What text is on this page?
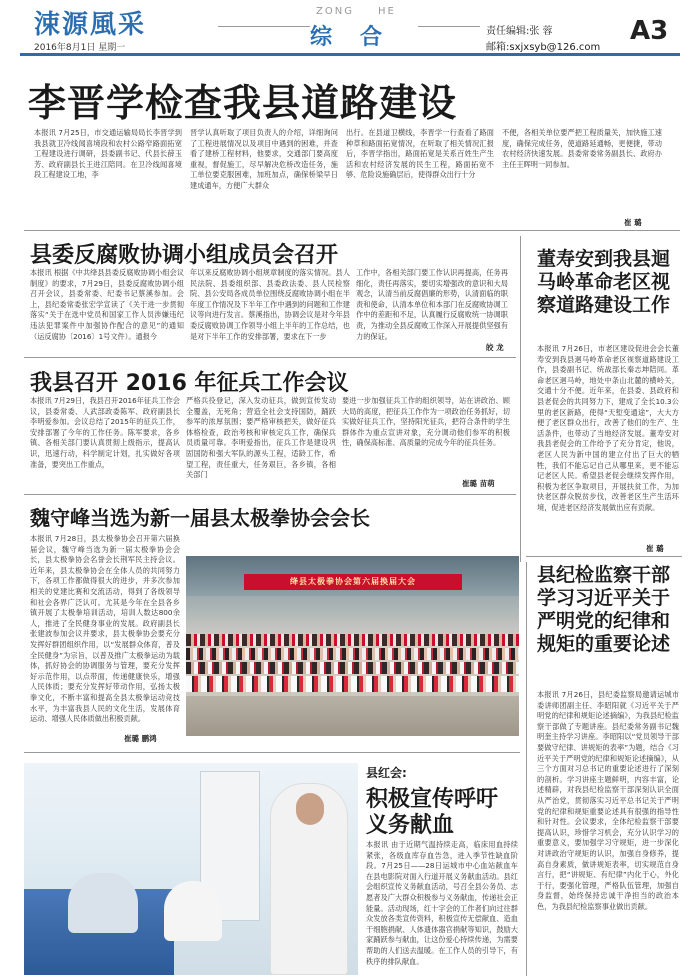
涑源風采
2016年8月1日 星期一
ZONG HE
综合	责任编辑:张 蓉
邮箱:sxjxsyb@126.com
A3
李晋学检查我县道路建设
本报讯 7月25日，市交通运输局局长李晋学到我县就卫冷线闻喜境段和农村公路窄路面拓宽工程建设进行调研，县委副书记、代县长薛玉芳、政府副县长王进江陪同。在卫冷线闻喜境段工程建设工地，李
晋学认真听取了项目负责人的介绍，详细询问了工程进展情况以及项目中遇到的困难，并查看了建桥工程材料，他要求，交通部门要高度重视，督促施工，尽早解决危桥改造任务，施工单位要克服困难，加班加点，确保桥梁早日建成通车，方便广大群众
出行。在县道卫横线，李晋学一行查看了路面种草和路面拓宽情况，在听取了相关情况汇报后，李晋学指出，路面拓宽是关系百姓生产生活和农村经济发展的民生工程，路面拓宽不够、危险设施确层后，使得群众出行十分
不便，各相关单位要严把工程质量关，加快施工速度，确保完成任务，使道路延通畅，更便捷，带动农村经济快速发展。县委常委常务副县长、政府办主任王晖明一同参加。
崔 璐
县委反腐败协调小组成员会召开
本报讯 根据《中共绛县县委反腐败协调小组会议制度》的要求，7月29日，县委反腐败协调小组召开会议，县委常委、纪委书记蔡溪参加。会上，县纪委常委张宏学宣读了《关于进一步贯彻落实“关于在选中党员和国家工作人员涉嫌违纪违法犯罪案件中加强协作配合的意见”的通知（运反腐协〔2016〕1号文件）。通报今
年以来反腐败协调小组规章制度的落实情况。县人民法院、县委组织部、县委政法委、县人民检察院、县公安局各成员单位围绕反腐败协调小组在半年度工作情况及下半年工作中遇到的问题和工作建议等向进行发言。蔡溪指出，协调会议是对今年县委反腐败协调工作领导小组上半年的工作总结，也是对下半年工作的安排部署，要求在下一步
工作中，各相关部门要工作认识再提高，任务再细化，责任再落实，要切实增强改的意识和大局观念，认清当前反腐倡廉的形势，认清面临的职责和使命，认清本单位和本部门在反腐败协调工作中的差距和不足，认真履行反腐败统一协调职责，为推动全县反腐败工作深入开展提供坚强有力的保证。
皎 龙
我县召开 2016 年征兵工作会议
本报讯 7月29日，我县召开2016年征兵工作会议，县委常委、人武部政委陈军、政府副县长李明爱参加。会议总结了2015年的征兵工作，安排部署了今年的工作任务。陈军要求，各乡镇、各相关部门要认真贯彻上级指示，提高认识，迅速行动，科学制定计划，扎实做好各项准备，要突出工作重点，
严格兵役登记，深入发动征兵，做到宣传发动全覆盖，无死角；营造全社会支持国防，踊跃参军的浓厚氛围；要严格审核把关，做好征兵体格检查，政治考核和审核定兵工作，确保兵员质量可靠。李明爱指出，征兵工作是建设巩固国防和强大军队的源头工程，适龄工作，希望工程，责任重大，任务艰巨，各乡镇，各相关部门
要进一步加强征兵工作的组织领导，站在讲政治、顾大局的高度，把征兵工作作为一项政治任务抓好，切实做好征兵工作，坚持阳光征兵，把符合条件的学生群体作为重点宣讲对象，充分调动他们参军的积极性，确保高标准、高质量的完成今年的征兵任务。
崔璐 苗萌
魏守峰当选为新一届县太极拳协会会长
本报讯 7月28日，县太极拳协会召开第六届换届会议，魏守峰当选为新一届太极拳协会会长，县太极拳协会名誉会长荆军民主持会议。近年来，县太极拳协会在全体人员的共同努力下，各项工作都做得很大的进步，并多次参加相关的党建比赛和交流活动，得到了各级领导和社会各界广泛认可。尤其是今年在全县各乡镇开展了太极拳培训活动，培训人数达800余人，推进了全民健身事业的发展。政府副县长张建波参加会议并要求，县太极拳协会要充分发挥好群团组织作用，以“发展群众体育，普及全民健身”为宗旨，以普及推广太极拳运动为载体，抓好协会的协调服务与管理，要充分发挥好示范作用，以点带面，传递健康快乐，增强人民体质；要充分发挥好带动作用，弘扬太极拳文化，不断丰富和提高全县太极拳运动竞技水平，为丰富我县人民的文化生活，发展体育运动、增强人民体质做出积极贡献。
崔璐 鹏鸿
绛县太极拳协会第六届换届大会
董寿安到我县迴马岭革命老区视察道路建设工作
本报讯 7月26日，市老区建设促进会会长董寿安到我县迴马岭革命老区视察道路建设工作，县委副书记、统战部长秦志坤陪同。革命老区迴马岭，地处中条山北麓的横岭关，交通十分不便。近年来，在县委、县政府和县老促会的共同努力下，建成了全长10.3公里的老区新路，使得“天堑变通途”，大大方便了老区群众出行，改善了他们的生产、生活条件，也带动了当地经济发展。董寿安对我县老促会的工作给予了充分肯定，他说，老区人民为新中国的建立付出了巨大的牺牲，我们不能忘记自己从哪里来，更不能忘记老区人民。希望县老促会继续发挥作用，积极为老区争取项目，开展扶贫工作，为加快老区群众脱贫步伐，改善老区生产生活环境，促进老区经济发展做出应有贡献。
崔 璐
县纪检监察干部学习习近平关于严明党的纪律和规矩的重要论述
本报讯 7月26日，县纪委监察局邀请运城市委讲师团副主任、李昭阳就《习近平关于严明党的纪律和规矩论述摘编》，为我县纪检监察干部做了专题讲座。县纪委常务副书记魏明奎主持学习讲座。李昭阳以“党员领导干部要做守纪律、讲规矩的表率”为题，结合《习近平关于严明党的纪律和规矩论述摘编》，从三个方面对习总书记的重要论述进行了深刻的剖析。学习讲座主题鲜明，内容丰富，论述精辟，对我县纪检监察干部深刻认识全面从严治党，贯彻落实习近平总书记关于严明党的纪律和规矩重要论述具有很强的指导性和针对性。会议要求，全体纪检监察干部要提高认识，珍惜学习机会，充分认识学习的重要意义，要加强学习守规矩，进一步深化对讲政治守规矩的认识，加强自身修养，提高自身素质，做讲规矩表率，切实规范自身言行，把“讲规矩、有纪律”内化于心，外化于行，要强化管理，严格队伍管理，加强自身监督，始终保持忠诚干净担当的政治本色，为我县纪检监察事业做出贡献。
县红会:
积极宣传呼吁
义务献血
本报讯 由于近期气温持续走高，临床用血持续紧张，各级血库存血告急，进入季节性缺血阶段。7月25日——28日运城市中心血站献血车在县电影院对面入行道开展义务献血活动。县红会组织宣传义务献血活动，号召全县公务员、志愿者及广大群众积极参与义务献血，传递社会正能量。活动现场，红十字会的工作者们向过往群众发放各类宣传资料，积极宣传无偿献血、造血干细胞捐献、人体遗体器官捐献等知识，鼓励大家踊跃参与献血，让这份爱心持续传递，为需要帮助的人们送去温暖。在工作人员的引导下，有秩序的排队献血。
